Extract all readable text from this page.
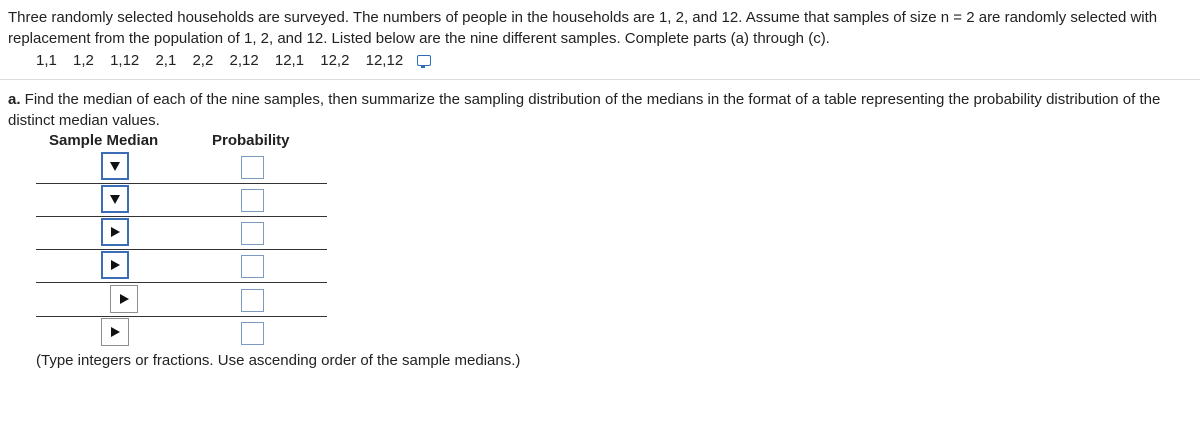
Three randomly selected households are surveyed. The numbers of people in the households are 1, 2, and 12. Assume that samples of size n = 2 are randomly selected with replacement from the population of 1, 2, and 12. Listed below are the nine different samples. Complete parts (a) through (c).
1,1 1,2 1,12 2,1 2,2 2,12 12,1 12,2 12,12
a. Find the median of each of the nine samples, then summarize the sampling distribution of the medians in the format of a table representing the probability distribution of the distinct median values.
Sample Median	Probability
(Type integers or fractions. Use ascending order of the sample medians.)
